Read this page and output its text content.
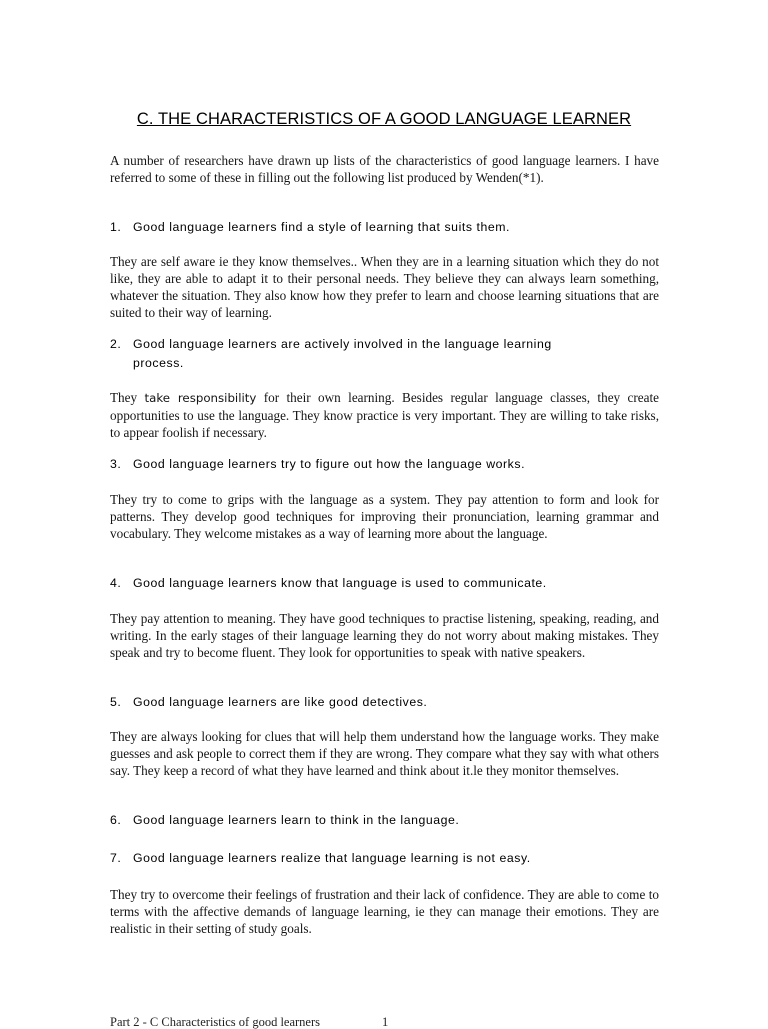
C. THE CHARACTERISTICS OF A GOOD LANGUAGE LEARNER

A number of researchers have drawn up lists of the characteristics of good language learners. I have referred to some of these in filling out the following list produced by Wenden(*1).

1. Good language learners find a style of learning that suits them.

They are self aware ie they know themselves.. When they are in a learning situation which they do not like, they are able to adapt it to their personal needs. They believe they can always learn something, whatever the situation. They also know how they prefer to learn and choose learning situations that are suited to their way of learning.

2. Good language learners are actively involved in the language learning
process.

They take responsibility for their own learning. Besides regular language classes, they create opportunities to use the language. They know practice is very important. They are willing to take risks, to appear foolish if necessary.

3. Good language learners try to figure out how the language works.

They try to come to grips with the language as a system. They pay attention to form and look for patterns. They develop good techniques for improving their pronunciation, learning grammar and vocabulary. They welcome mistakes as a way of learning more about the language.

4. Good language learners know that language is used to communicate.

They pay attention to meaning. They have good techniques to practise listening, speaking, reading, and writing. In the early stages of their language learning they do not worry about making mistakes. They speak and try to become fluent. They look for opportunities to speak with native speakers.

5. Good language learners are like good detectives.

They are always looking for clues that will help them understand how the language works. They make guesses and ask people to correct them if they are wrong. They compare what they say with what others say. They keep a record of what they have learned and think about it.le they monitor themselves.

6. Good language learners learn to think in the language.
7. Good language learners realize that language learning is not easy.

They try to overcome their feelings of frustration and their lack of confidence. They are able to come to terms with the affective demands of language learning, ie they can manage their emotions. They are realistic in their setting of study goals.

Part 2 - C Characteristics of good learners	1
